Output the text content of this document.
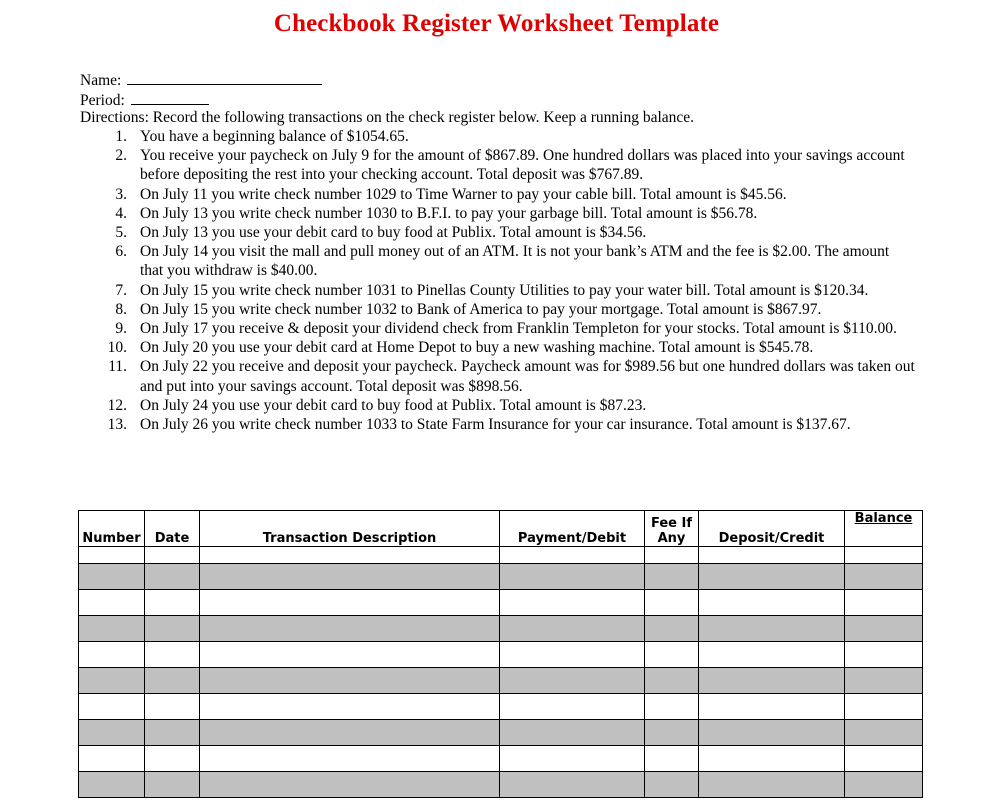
Checkbook Register Worksheet Template
Name:
Period:
Directions: Record the following transactions on the check register below. Keep a running balance.
1. You have a beginning balance of $1054.65.
2. You receive your paycheck on July 9 for the amount of $867.89. One hundred dollars was placed into your savings account before depositing the rest into your checking account. Total deposit was $767.89.
3. On July 11 you write check number 1029 to Time Warner to pay your cable bill. Total amount is $45.56.
4. On July 13 you write check number 1030 to B.F.I. to pay your garbage bill. Total amount is $56.78.
5. On July 13 you use your debit card to buy food at Publix. Total amount is $34.56.
6. On July 14 you visit the mall and pull money out of an ATM. It is not your bank’s ATM and the fee is $2.00. The amount that you withdraw is $40.00.
7. On July 15 you write check number 1031 to Pinellas County Utilities to pay your water bill. Total amount is $120.34.
8. On July 15 you write check number 1032 to Bank of America to pay your mortgage. Total amount is $867.97.
9. On July 17 you receive & deposit your dividend check from Franklin Templeton for your stocks. Total amount is $110.00.
10. On July 20 you use your debit card at Home Depot to buy a new washing machine. Total amount is $545.78.
11. On July 22 you receive and deposit your paycheck. Paycheck amount was for $989.56 but one hundred dollars was taken out and put into your savings account. Total deposit was $898.56.
12. On July 24 you use your debit card to buy food at Publix. Total amount is $87.23.
13. On July 26 you write check number 1033 to State Farm Insurance for your car insurance. Total amount is $137.67.
Number	Date	Transaction Description	Payment/Debit	Fee If Any	Deposit/Credit	Balance
